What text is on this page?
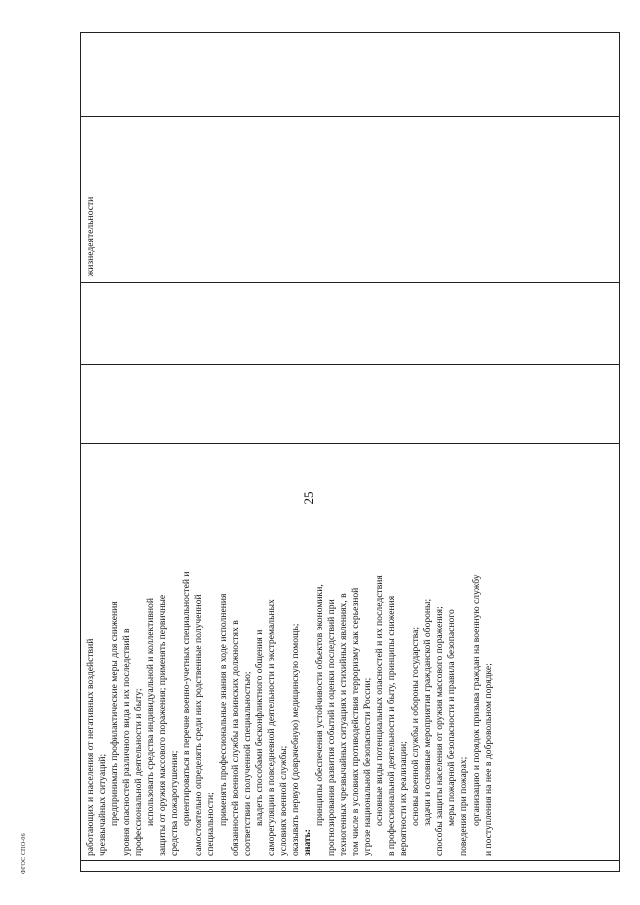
25
работающих и населения от негативных воздействий чрезвычайных ситуаций; предпринимать профилактические меры для снижения уровня опасностей различного вида и их последствий в профессиональной деятельности и быту; использовать средства индивидуальной и коллективной защиты от оружия массового поражения; применять первичные средства пожаротушения; ориентироваться в перечне военно-учетных специальностей и самостоятельно определять среди них родственные полученной специальности; применять профессиональные знания в ходе исполнения обязанностей военной службы на воинских должностях в соответствии с полученной специальностью; владеть способами бесконфликтного общения и саморегуляции в повседневной деятельности и экстремальных условиях военной службы; оказывать первую (доврачебную) медицинскую помощь; знать:
принципы обеспечения устойчивости объектов экономики, прогнозирования развития событий и оценки последствий при техногенных чрезвычайных ситуациях и стихийных явлениях, в том числе в условиях противодействия терроризму как серьезной угрозе национальной безопасности России; основные виды потенциальных опасностей и их последствия в профессиональной деятельности и быту, принципы снижения вероятности их реализации; основы военной службы и обороны государства; задачи и основные мероприятия гражданской обороны; способы защиты населения от оружия массового поражения; меры пожарной безопасности и правила безопасного поведения при пожарах; организацию и порядок призыва граждан на военную службу и поступления на нее в добровольном порядке;
жизнедеятельности
ФГОС СПО-06
